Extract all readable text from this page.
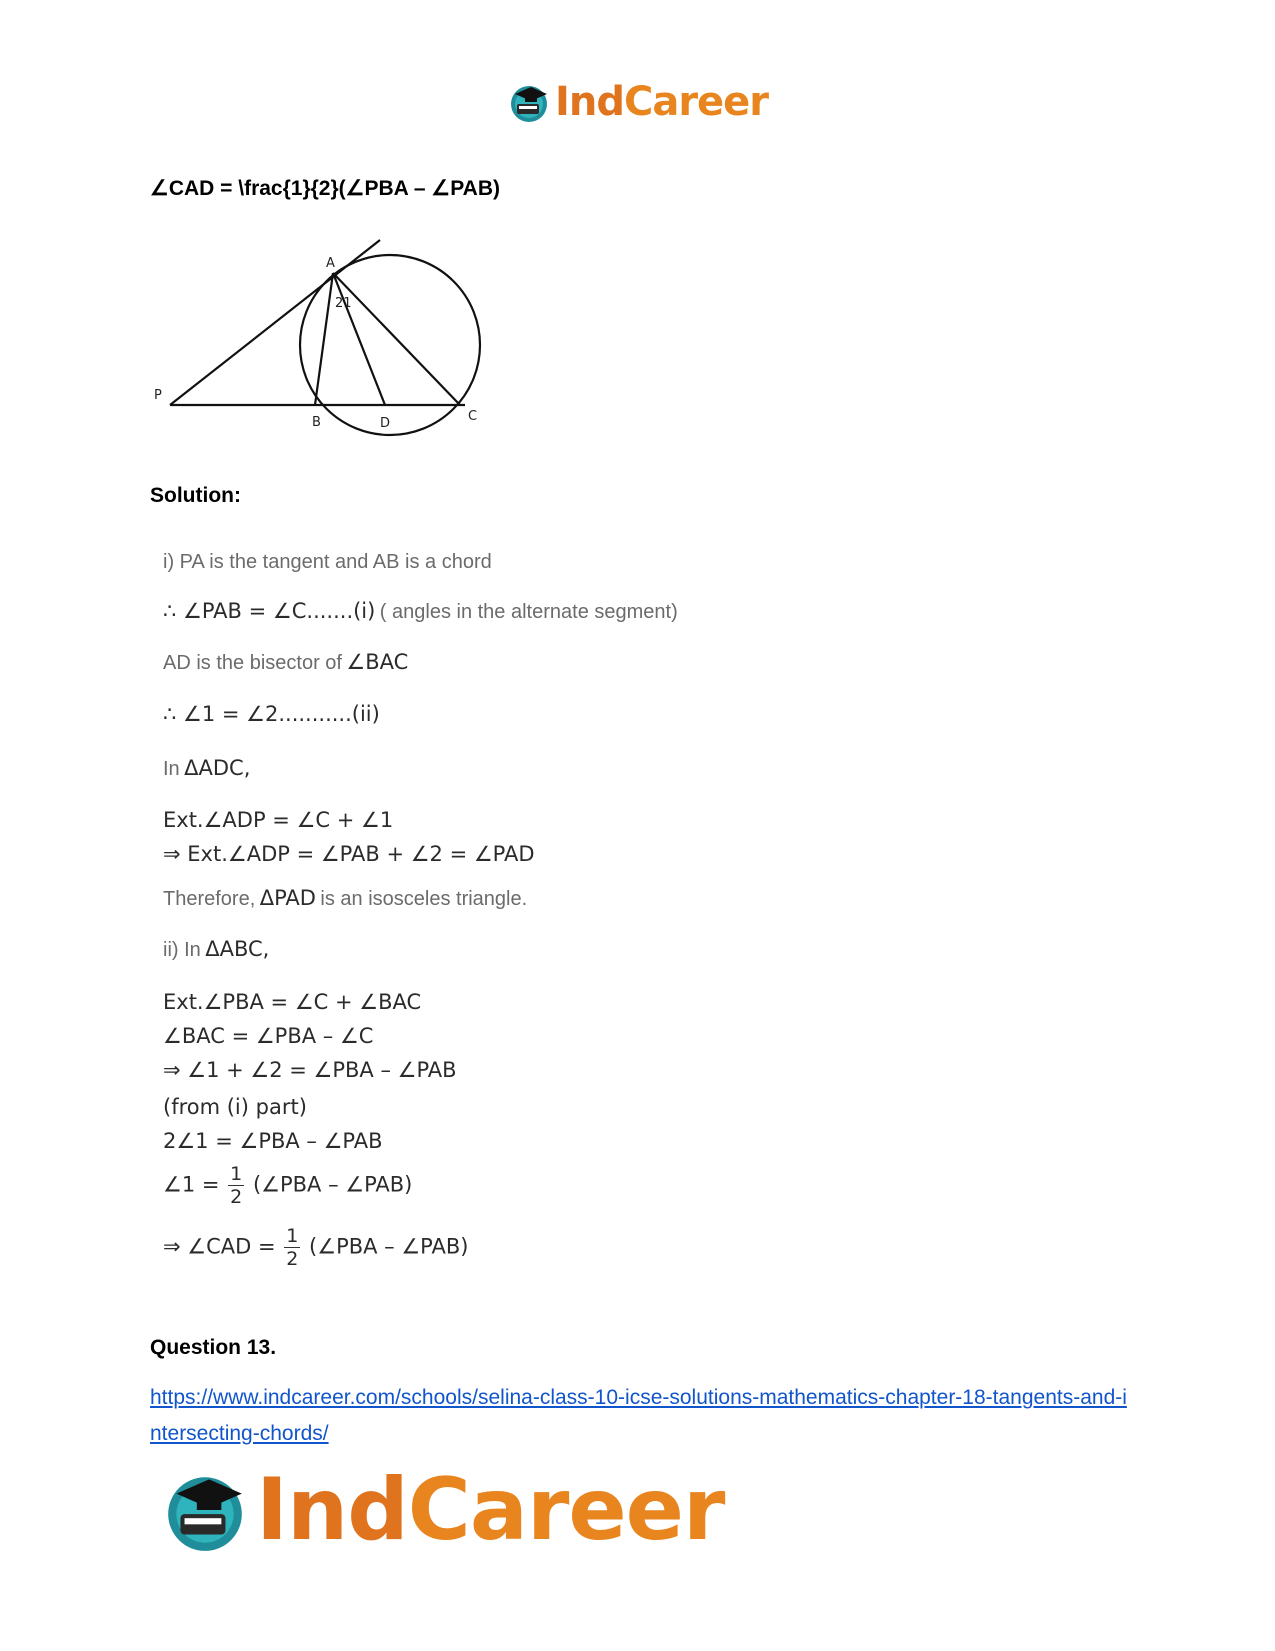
IndCareer
∠CAD = \frac{1}{2}(∠PBA – ∠PAB)
A
21
P
B	D	C
Solution:
i) PA is the tangent and AB is a chord
∴ ∠PAB = ∠C.......(i) ( angles in the alternate segment)
AD is the bisector of ∠BAC
∴ ∠1 = ∠2...........(ii)
In ΔADC,
Ext.∠ADP = ∠C + ∠1
⇒ Ext.∠ADP = ∠PAB + ∠2 = ∠PAD
Therefore, ΔPAD is an isosceles triangle.
ii) In ΔABC,
Ext.∠PBA = ∠C + ∠BAC
∠BAC = ∠PBA – ∠C
⇒ ∠1 + ∠2 = ∠PBA – ∠PAB
(from (i) part)
2∠1 = ∠PBA – ∠PAB
∠1 = $\frac{1}{2}$ (∠PBA – ∠PAB)
⇒ ∠CAD = $\frac{1}{2}$ (∠PBA – ∠PAB)
Question 13.
https://www.indcareer.com/schools/selina-class-10-icse-solutions-mathematics-chapter-18-tangents-and-intersecting-chords/
IndCareer
